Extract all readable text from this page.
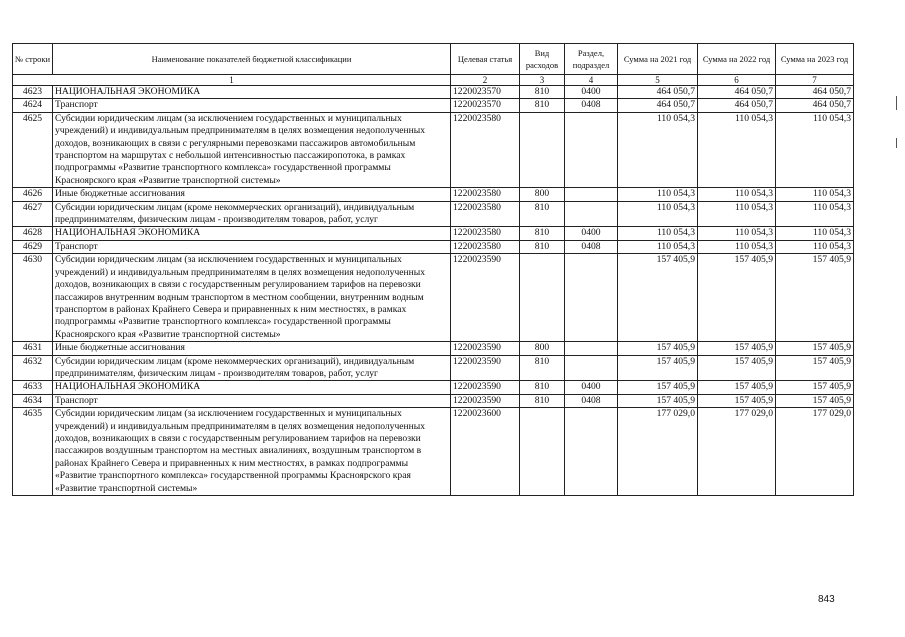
№ строки	Наименование показателей бюджетной классификации	Целевая статья	Вид расходов	Раздел, подраздел	Сумма на 2021 год	Сумма на 2022 год	Сумма на 2023 год
1		2	3	4	5	6	7
4623	НАЦИОНАЛЬНАЯ ЭКОНОМИКА	1220023570	810	0400	464 050,7	464 050,7	464 050,7
4624	Транспорт	1220023570	810	0408	464 050,7	464 050,7	464 050,7
4625	Субсидии юридическим лицам (за исключением государственных и муниципальных учреждений) и индивидуальным предпринимателям в целях возмещения недополученных доходов, возникающих в связи с регулярными перевозками пассажиров автомобильным транспортом на маршрутах с небольшой интенсивностью пассажиропотока, в рамках подпрограммы «Развитие транспортного комплекса» государственной программы Красноярского края «Развитие транспортной системы»	1220023580			110 054,3	110 054,3	110 054,3
4626	Иные бюджетные ассигнования	1220023580	800		110 054,3	110 054,3	110 054,3
4627	Субсидии юридическим лицам (кроме некоммерческих организаций), индивидуальным предпринимателям, физическим лицам - производителям товаров, работ, услуг	1220023580	810		110 054,3	110 054,3	110 054,3
4628	НАЦИОНАЛЬНАЯ ЭКОНОМИКА	1220023580	810	0400	110 054,3	110 054,3	110 054,3
4629	Транспорт	1220023580	810	0408	110 054,3	110 054,3	110 054,3
4630	Субсидии юридическим лицам (за исключением государственных и муниципальных учреждений) и индивидуальным предпринимателям в целях возмещения недополученных доходов, возникающих в связи с государственным регулированием тарифов на перевозки пассажиров внутренним водным транспортом в местном сообщении, внутренним водным транспортом в районах Крайнего Севера и приравненных к ним местностях, в рамках подпрограммы «Развитие транспортного комплекса» государственной программы Красноярского края «Развитие транспортной системы»	1220023590			157 405,9	157 405,9	157 405,9
4631	Иные бюджетные ассигнования	1220023590	800		157 405,9	157 405,9	157 405,9
4632	Субсидии юридическим лицам (кроме некоммерческих организаций), индивидуальным предпринимателям, физическим лицам - производителям товаров, работ, услуг	1220023590	810		157 405,9	157 405,9	157 405,9
4633	НАЦИОНАЛЬНАЯ ЭКОНОМИКА	1220023590	810	0400	157 405,9	157 405,9	157 405,9
4634	Транспорт	1220023590	810	0408	157 405,9	157 405,9	157 405,9
4635	Субсидии юридическим лицам (за исключением государственных и муниципальных учреждений) и индивидуальным предпринимателям в целях возмещения недополученных доходов, возникающих в связи с государственным регулированием тарифов на перевозки пассажиров воздушным транспортом на местных авиалиниях, воздушным транспортом в районах Крайнего Севера и приравненных к ним местностях, в рамках подпрограммы «Развитие транспортного комплекса» государственной программы Красноярского края «Развитие транспортной системы»	1220023600			177 029,0	177 029,0	177 029,0
843
